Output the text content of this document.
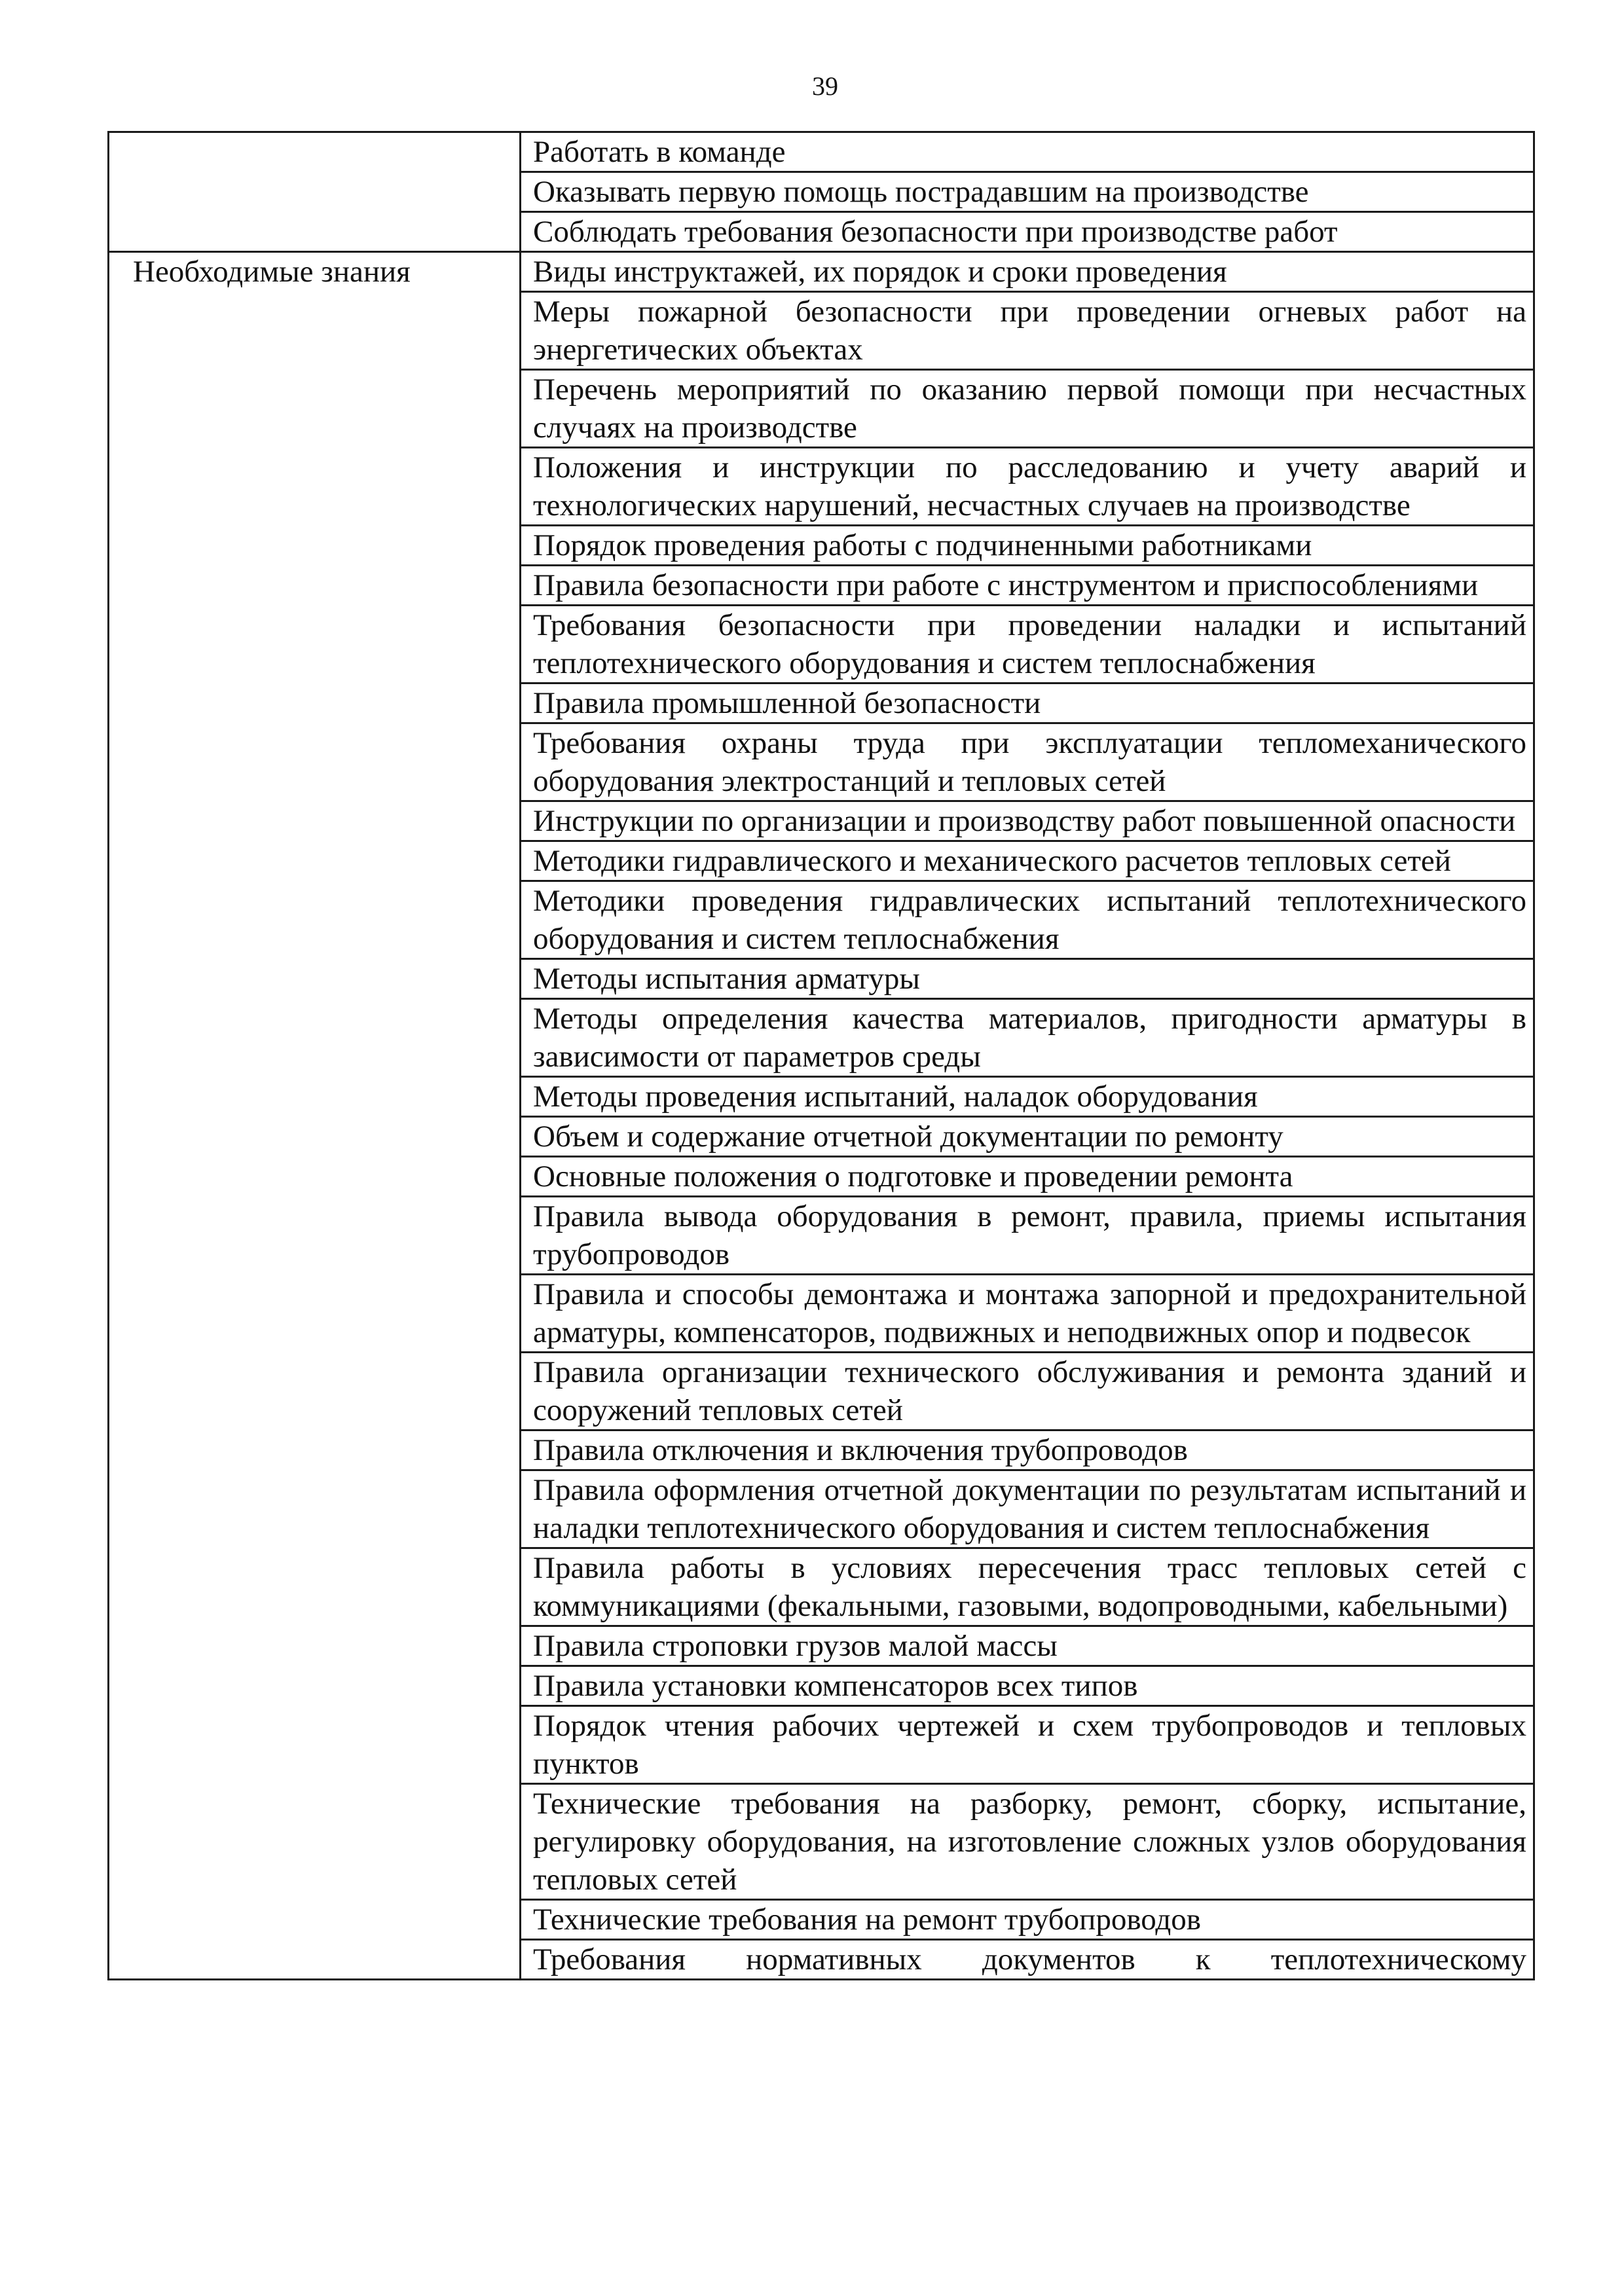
39
	Работать в команде
	Оказывать первую помощь пострадавшим на производстве
	Соблюдать требования безопасности при производстве работ
Необходимые знания	Виды инструктажей, их порядок и сроки проведения
	Меры пожарной безопасности при проведении огневых работ на энергетических объектах
	Перечень мероприятий по оказанию первой помощи при несчастных случаях на производстве
	Положения и инструкции по расследованию и учету аварий и технологических нарушений, несчастных случаев на производстве
	Порядок проведения работы с подчиненными работниками
	Правила безопасности при работе с инструментом и приспособлениями
	Требования безопасности при проведении наладки и испытаний теплотехнического оборудования и систем теплоснабжения
	Правила промышленной безопасности
	Требования охраны труда при эксплуатации тепломеханического оборудования электростанций и тепловых сетей
	Инструкции по организации и производству работ повышенной опасности
	Методики гидравлического и механического расчетов тепловых сетей
	Методики проведения гидравлических испытаний теплотехнического оборудования и систем теплоснабжения
	Методы испытания арматуры
	Методы определения качества материалов, пригодности арматуры в зависимости от параметров среды
	Методы проведения испытаний, наладок оборудования
	Объем и содержание отчетной документации по ремонту
	Основные положения о подготовке и проведении ремонта
	Правила вывода оборудования в ремонт, правила, приемы испытания трубопроводов
	Правила и способы демонтажа и монтажа запорной и предохранительной арматуры, компенсаторов, подвижных и неподвижных опор и подвесок
	Правила организации технического обслуживания и ремонта зданий и сооружений тепловых сетей
	Правила отключения и включения трубопроводов
	Правила оформления отчетной документации по результатам испытаний и наладки теплотехнического оборудования и систем теплоснабжения
	Правила работы в условиях пересечения трасс тепловых сетей с коммуникациями (фекальными, газовыми, водопроводными, кабельными)
	Правила строповки грузов малой массы
	Правила установки компенсаторов всех типов
	Порядок чтения рабочих чертежей и схем трубопроводов и тепловых пунктов
	Технические требования на разборку, ремонт, сборку, испытание, регулировку оборудования, на изготовление сложных узлов оборудования тепловых сетей
	Технические требования на ремонт трубопроводов
	Требования нормативных документов к теплотехническому
